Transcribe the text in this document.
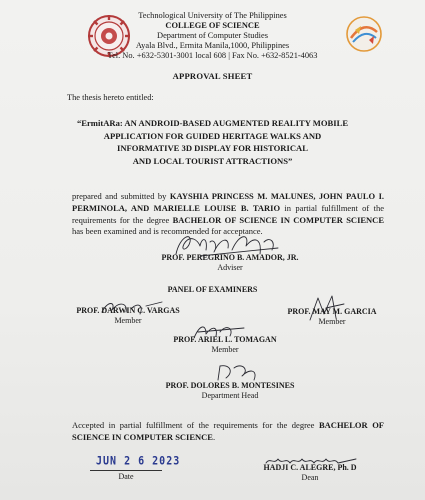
Technological University of The Philippines
COLLEGE OF SCIENCE
Department of Computer Studies
Ayala Blvd., Ermita Manila,1000, Philippines
Tel. No. +632-5301-3001 local 608 | Fax No. +632-8521-4063
APPROVAL SHEET
The thesis hereto entitled:
“ErmitARa: AN ANDROID-BASED AUGMENTED REALITY MOBILE
APPLICATION FOR GUIDED HERITAGE WALKS AND
INFORMATIVE 3D DISPLAY FOR HISTORICAL
AND LOCAL TOURIST ATTRACTIONS”
prepared and submitted by KAYSHIA PRINCESS M. MALUNES, JOHN PAULO I. PERMINOLA, AND MARIELLE LOUISE B. TARIO in partial fulfillment of the requirements for the degree BACHELOR OF SCIENCE IN COMPUTER SCIENCE has been examined and is recommended for acceptance.
PROF. PEREGRINO B. AMADOR, JR.
Adviser
PANEL OF EXAMINERS
PROF. DARWIN C. VARGAS
Member
PROF. MAY M. GARCIA
Member
PROF. ARIEL L. TOMAGAN
Member
PROF. DOLORES B. MONTESINES
Department Head
Accepted in partial fulfillment of the requirements for the degree BACHELOR OF SCIENCE IN COMPUTER SCIENCE.
JUN 2 6 2023
Date
HADJI C. ALEGRE, Ph. D
Dean
